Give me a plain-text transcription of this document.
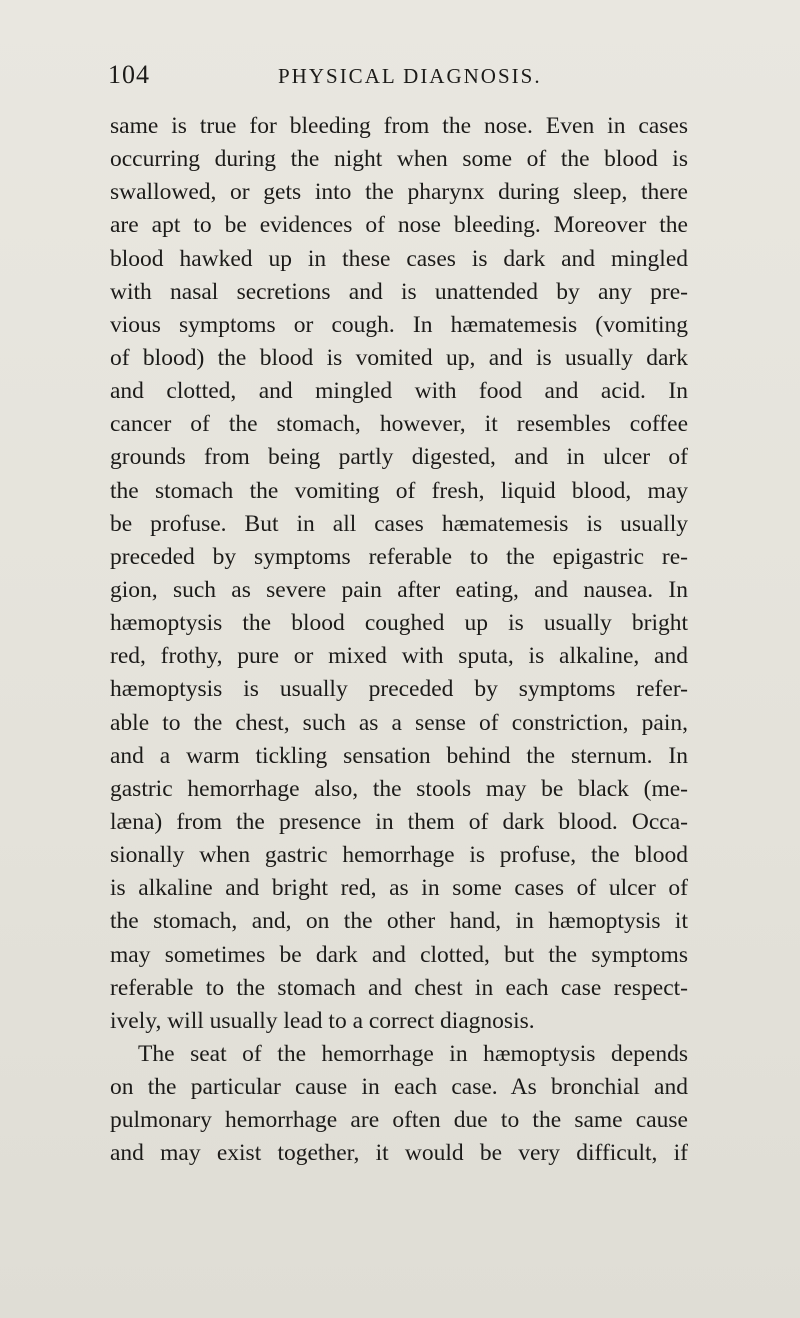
104	PHYSICAL DIAGNOSIS.
same is true for bleeding from the nose. Even in cases
occurring during the night when some of the blood is
swallowed, or gets into the pharynx during sleep, there
are apt to be evidences of nose bleeding. Moreover the
blood hawked up in these cases is dark and mingled
with nasal secretions and is unattended by any pre-
vious symptoms or cough. In hæmatemesis (vomiting
of blood) the blood is vomited up, and is usually dark
and clotted, and mingled with food and acid. In
cancer of the stomach, however, it resembles coffee
grounds from being partly digested, and in ulcer of
the stomach the vomiting of fresh, liquid blood, may
be profuse. But in all cases hæmatemesis is usually
preceded by symptoms referable to the epigastric re-
gion, such as severe pain after eating, and nausea. In
hæmoptysis the blood coughed up is usually bright
red, frothy, pure or mixed with sputa, is alkaline, and
hæmoptysis is usually preceded by symptoms refer-
able to the chest, such as a sense of constriction, pain,
and a warm tickling sensation behind the sternum. In
gastric hemorrhage also, the stools may be black (me-
læna) from the presence in them of dark blood. Occa-
sionally when gastric hemorrhage is profuse, the blood
is alkaline and bright red, as in some cases of ulcer of
the stomach, and, on the other hand, in hæmoptysis it
may sometimes be dark and clotted, but the symptoms
referable to the stomach and chest in each case respect-
ively, will usually lead to a correct diagnosis.
The seat of the hemorrhage in hæmoptysis depends
on the particular cause in each case. As bronchial and
pulmonary hemorrhage are often due to the same cause
and may exist together, it would be very difficult, if
